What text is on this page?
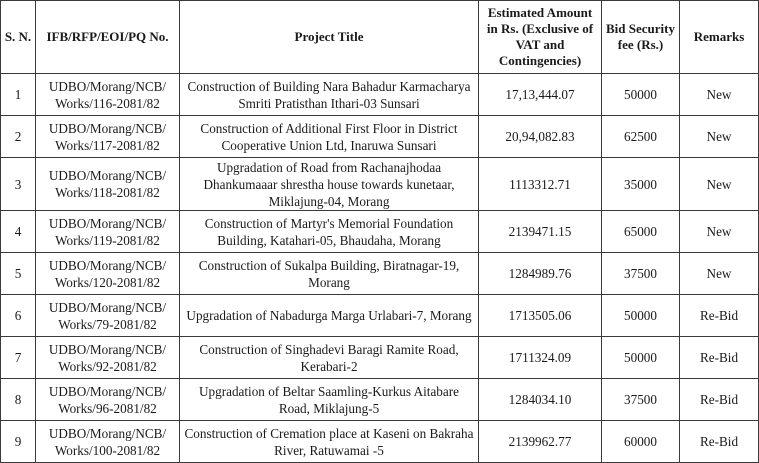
S. N.	IFB/RFP/EOI/PQ No.	Project Title	Estimated Amount in Rs. (Exclusive of VAT and Contingencies)	Bid Security fee (Rs.)	Remarks
1	UDBO/Morang/NCB/ Works/116-2081/82	Construction of Building Nara Bahadur Karmacharya Smriti Pratisthan Ithari-03 Sunsari	17,13,444.07	50000	New
2	UDBO/Morang/NCB/ Works/117-2081/82	Construction of Additional First Floor in District Cooperative Union Ltd, Inaruwa Sunsari	20,94,082.83	62500	New
3	UDBO/Morang/NCB/ Works/118-2081/82	Upgradation of Road from Rachanajhodaa Dhankumaaar shrestha house towards kunetaar, Miklajung-04, Morang	1113312.71	35000	New
4	UDBO/Morang/NCB/ Works/119-2081/82	Construction of Martyr's Memorial Foundation Building, Katahari-05, Bhaudaha, Morang	2139471.15	65000	New
5	UDBO/Morang/NCB/ Works/120-2081/82	Construction of Sukalpa Building, Biratnagar-19, Morang	1284989.76	37500	New
6	UDBO/Morang/NCB/ Works/79-2081/82	Upgradation of Nabadurga Marga Urlabari-7, Morang	1713505.06	50000	Re-Bid
7	UDBO/Morang/NCB/ Works/92-2081/82	Construction of Singhadevi Baragi Ramite Road, Kerabari-2	1711324.09	50000	Re-Bid
8	UDBO/Morang/NCB/ Works/96-2081/82	Upgradation of Beltar Saamling-Kurkus Aitabare Road, Miklajung-5	1284034.10	37500	Re-Bid
9	UDBO/Morang/NCB/ Works/100-2081/82	Construction of Cremation place at Kaseni on Bakraha River, Ratuwamai -5	2139962.77	60000	Re-Bid
